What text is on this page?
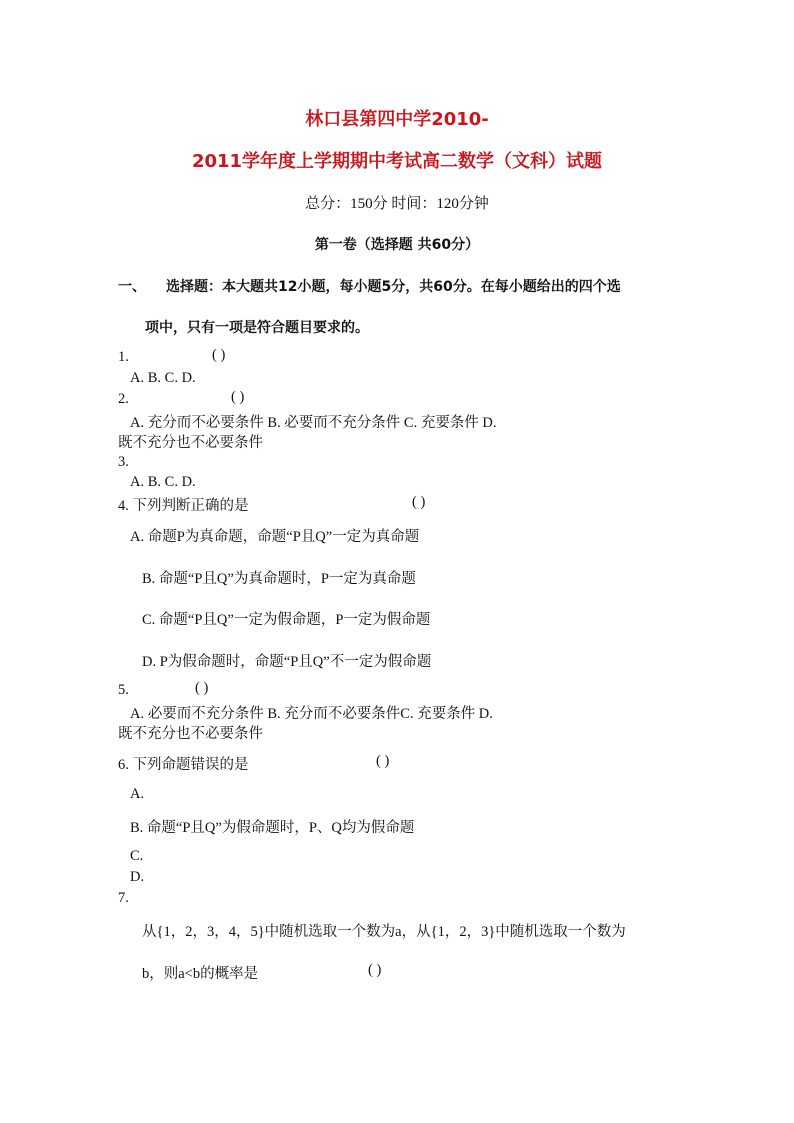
林口县第四中学2010-
2011学年度上学期期中考试高二数学（文科）试题
总分：150分 时间：120分钟
第一卷（选择题 共60分）
一、 选择题：本大题共12小题，每小题5分，共60分。在每小题给出的四个选
项中，只有一项是符合题目要求的。
1.	( )
A. B. C. D.
2.	( )
A. 充分而不必要条件 B. 必要而不充分条件 C. 充要条件 D.
既不充分也不必要条件
3.
A. B. C. D.
4. 下列判断正确的是	( )
A. 命题P为真命题，命题“P且Q”一定为真命题
B. 命题“P且Q”为真命题时，P一定为真命题
C. 命题“P且Q”一定为假命题，P一定为假命题
D. P为假命题时，命题“P且Q”不一定为假命题
5.	( )
A. 必要而不充分条件 B. 充分而不必要条件C. 充要条件 D.
既不充分也不必要条件
6. 下列命题错误的是	( )
A.
B. 命题“P且Q”为假命题时，P、Q均为假命题
C.
D.
7.
从{1，2，3，4，5}中随机选取一个数为a，从{1，2，3}中随机选取一个数为
b，则a<b的概率是	( )
